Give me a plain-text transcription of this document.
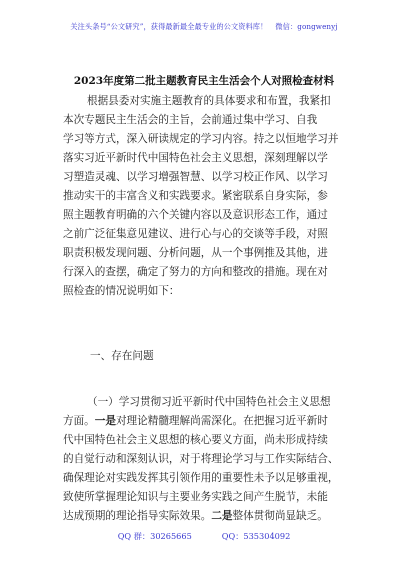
关注头条号“公文研究”，获得最新最全最专业的公文资料库！ 微信：gongwenyj
2023年度第二批主题教育民主生活会个人对照检查材料
根据县委对实施主题教育的具体要求和布置，我紧扣
本次专题民主生活会的主旨，会前通过集中学习、自我
学习等方式，深入研读规定的学习内容。持之以恒地学习并
落实习近平新时代中国特色社会主义思想，深刻理解以学
习塑造灵魂、以学习增强智慧、以学习校正作风、以学习
推动实干的丰富含义和实践要求。紧密联系自身实际，参
照主题教育明确的六个关键内容以及意识形态工作，通过
之前广泛征集意见建议、进行心与心的交谈等手段，对照
职责积极发现问题、分析问题，从一个事例推及其他，进
行深入的查摆，确定了努力的方向和整改的措施。现在对
照检查的情况说明如下：
一、存在问题
（一）学习贯彻习近平新时代中国特色社会主义思想
方面。一是对理论精髓理解尚需深化。在把握习近平新时
代中国特色社会主义思想的核心要义方面，尚未形成持续
的自觉行动和深刻认识，对于将理论学习与工作实际结合、
确保理论对实践发挥其引领作用的重要性未予以足够重视，
致使所掌握理论知识与主要业务实践之间产生脱节，未能
达成预期的理论指导实际效果。二是整体贯彻尚显缺乏。
QQ 群：30265665	QQ：535304092
